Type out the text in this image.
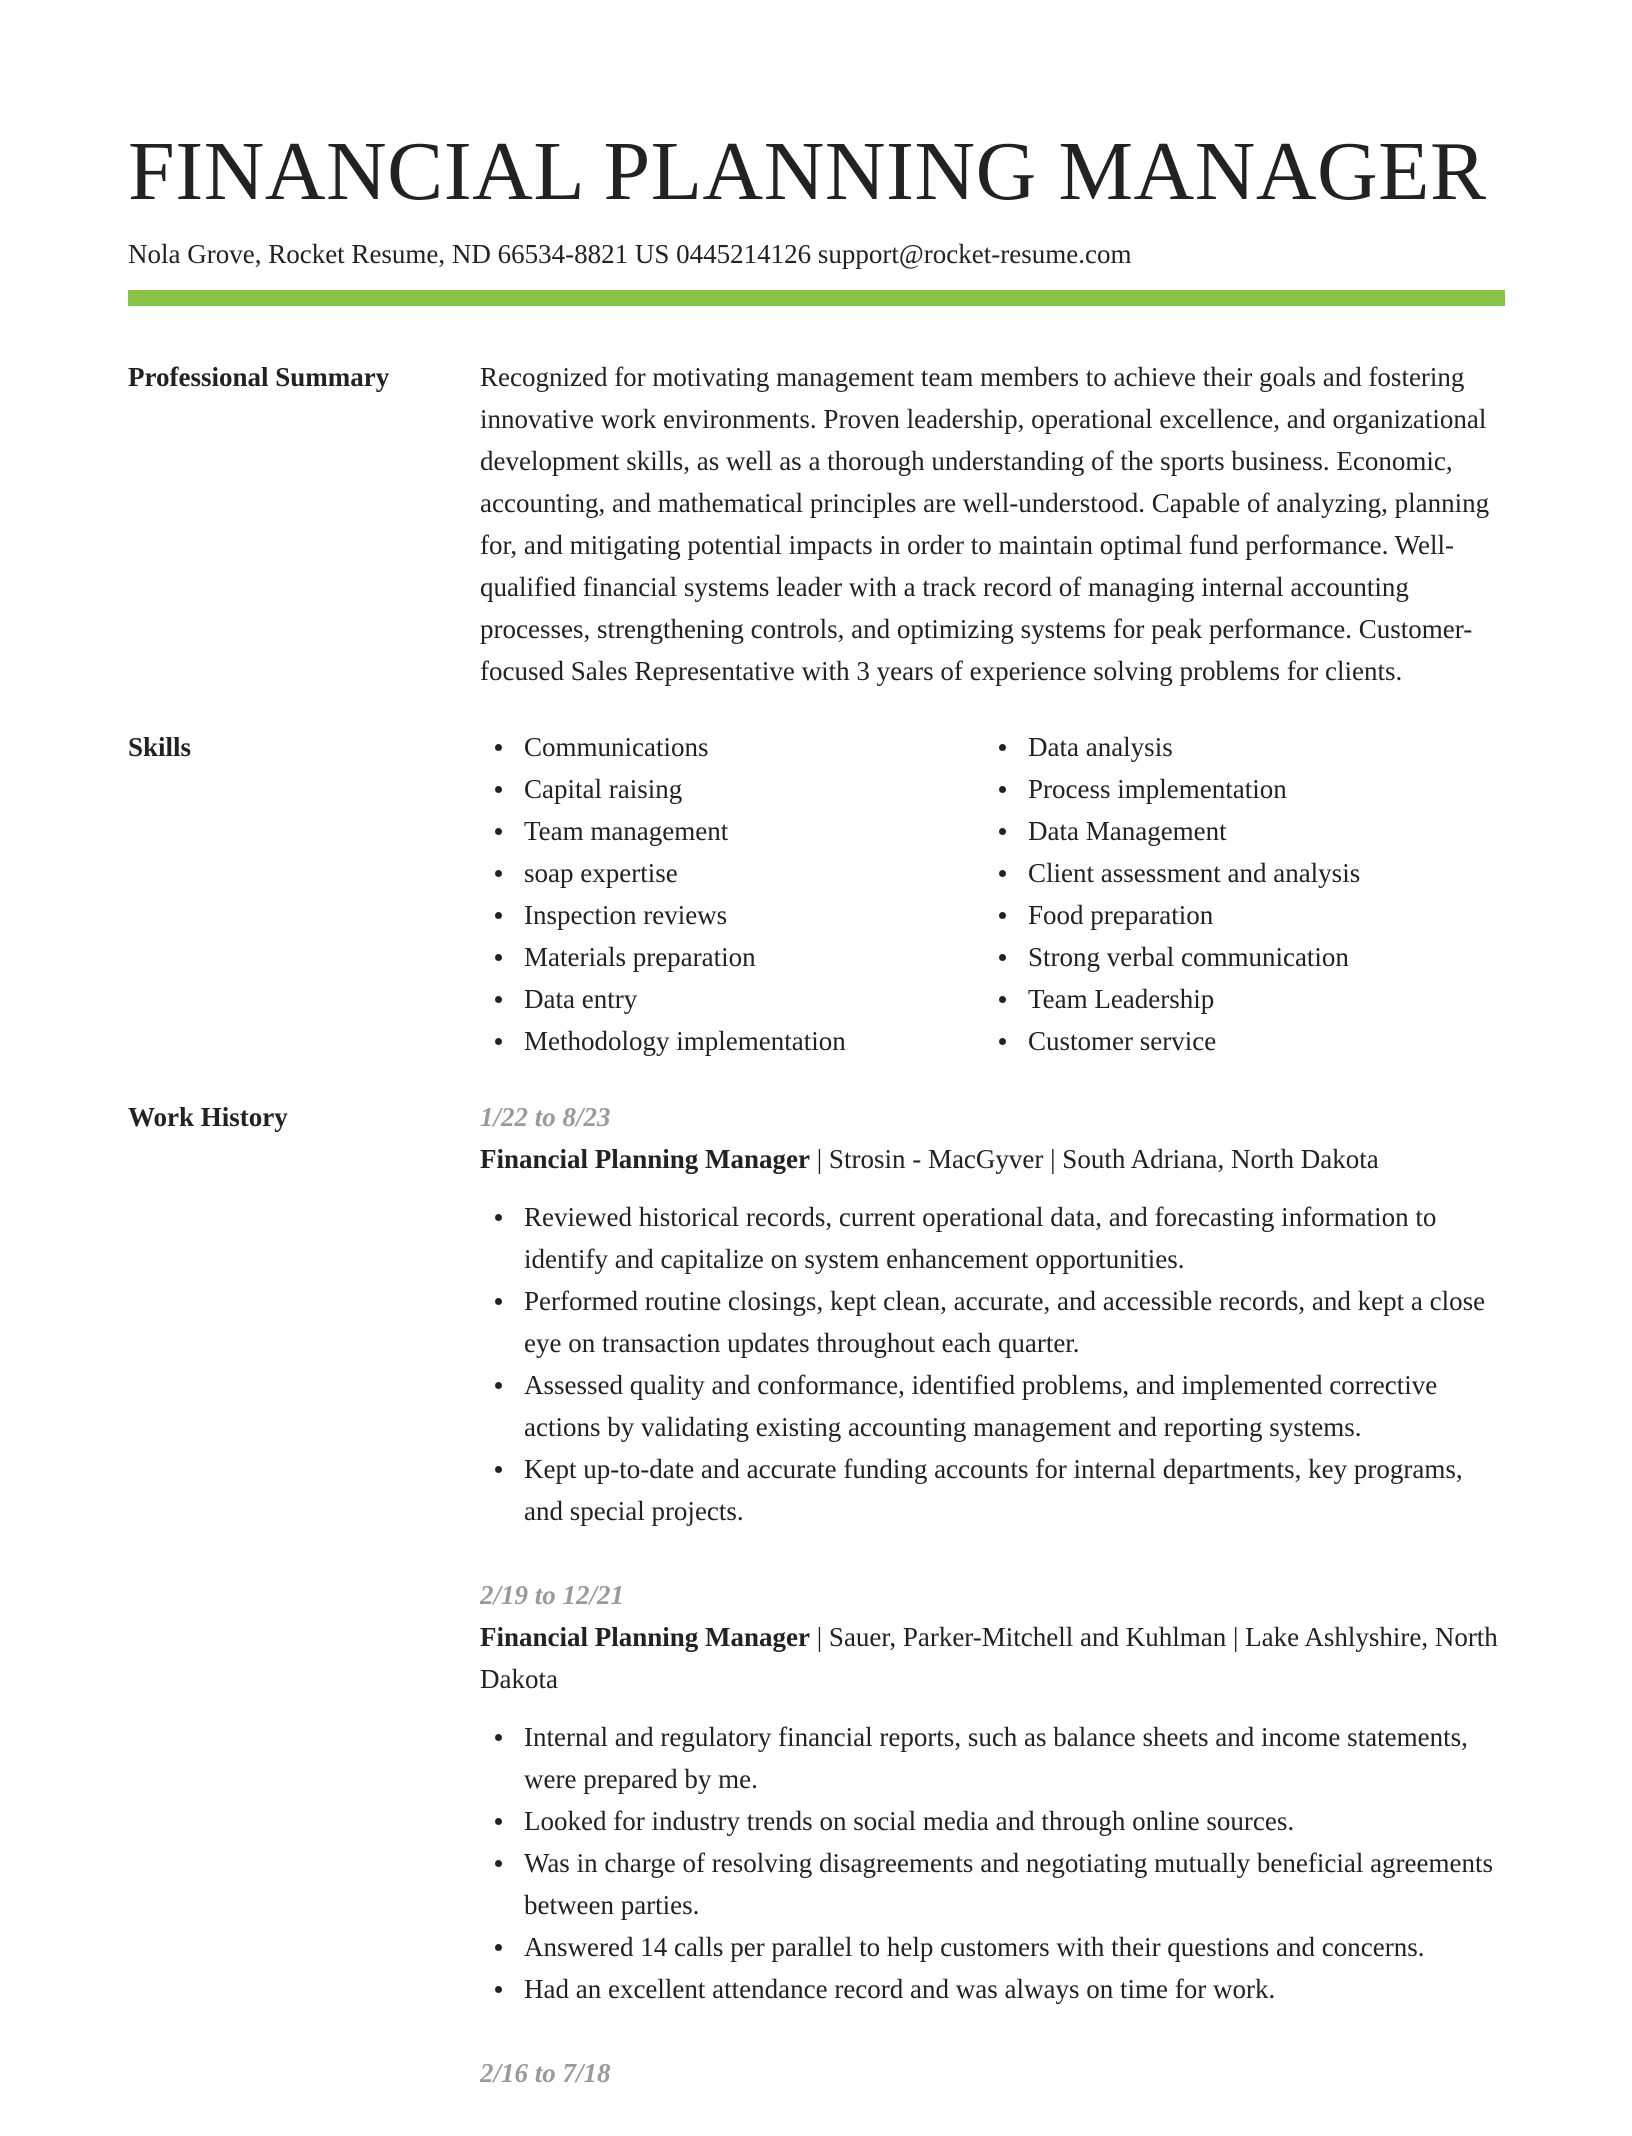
FINANCIAL PLANNING MANAGER
Nola Grove, Rocket Resume, ND 66534-8821 US 0445214126 support@rocket-resume.com
Professional Summary	Recognized for motivating management team members to achieve their goals and fostering innovative work environments. Proven leadership, operational excellence, and organizational development skills, as well as a thorough understanding of the sports business. Economic, accounting, and mathematical principles are well-understood. Capable of analyzing, planning for, and mitigating potential impacts in order to maintain optimal fund performance. Well-qualified financial systems leader with a track record of managing internal accounting processes, strengthening controls, and optimizing systems for peak performance. Customer-focused Sales Representative with 3 years of experience solving problems for clients.

Skills	Communications
Capital raising
Team management
soap expertise
Inspection reviews
Materials preparation
Data entry
Methodology implementation
Data analysis
Process implementation
Data Management
Client assessment and analysis
Food preparation
Strong verbal communication
Team Leadership
Customer service
Work History	1/22 to 8/23
Financial Planning Manager | Strosin - MacGyver | South Adriana, North Dakota
Reviewed historical records, current operational data, and forecasting information to identify and capitalize on system enhancement opportunities.
Performed routine closings, kept clean, accurate, and accessible records, and kept a close eye on transaction updates throughout each quarter.
Assessed quality and conformance, identified problems, and implemented corrective actions by validating existing accounting management and reporting systems.
Kept up-to-date and accurate funding accounts for internal departments, key programs, and special projects.
2/19 to 12/21
Financial Planning Manager | Sauer, Parker-Mitchell and Kuhlman | Lake Ashlyshire, North Dakota
Internal and regulatory financial reports, such as balance sheets and income statements, were prepared by me.
Looked for industry trends on social media and through online sources.
Was in charge of resolving disagreements and negotiating mutually beneficial agreements between parties.
Answered 14 calls per parallel to help customers with their questions and concerns.
Had an excellent attendance record and was always on time for work.
2/16 to 7/18
